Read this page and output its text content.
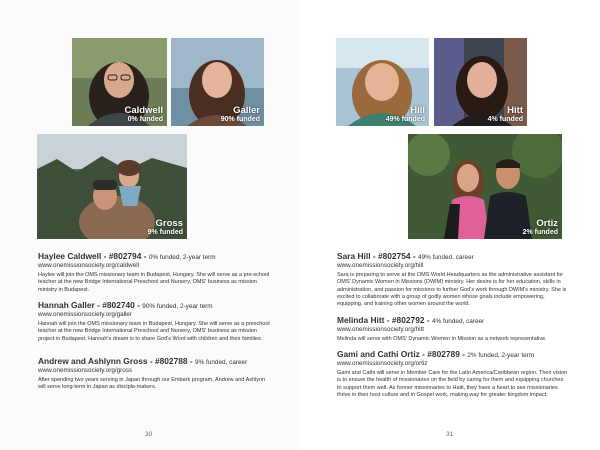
Caldwell
0% funded
Galler
90% funded
Gross
9% funded
Haylee Caldwell - #802794 - 0% funded, 2-year term
www.onemissionsociety.org/caldwell
Haylee will join the OMS missionary team in Budapest, Hungary. She will serve as a pre-school teacher at the new Bridge International Preschool and Nursery, OMS' business as mission ministry in Budapest.
Hannah Galler - #802740 - 90% funded, 2-year term
www.onemissionsociety.org/galler
Hannah will join the OMS missionary team in Budapest, Hungary. She will serve as a preschool teacher at the new Bridge International Preschool and Nursery, OMS' business as mission project in Budapest. Hannah's dream is to share God's Word with children and their families.
Andrew and Ashlynn Gross - #802788 - 9% funded, career
www.onemissionsociety.org/gross
After spending two years serving in Japan through our Embark program, Andrew and Ashlynn will serve long-term in Japan as disciple-makers.
30
Hill
49% funded
Hitt
4% funded
Ortiz
2% funded
Sara Hill - #802754 - 49% funded, career
www.onemissionsociety.org/hill
Sara is preparing to serve at the OMS World Headquarters as the administrative assistant for OMS' Dynamic Women in Missions (DWIM) ministry. Her desire is for her education, skills in administration, and passion for missions to further God's work through DWIM's ministry. She is excited to collaborate with a group of godly women whose goals include empowering, equipping, and training other women around the world.
Melinda Hitt - #802792 - 4% funded, career
www.onemissionsociety.org/hitt
Melinda will serve with OMS' Dynamic Women in Mission as a network representative.
Gami and Cathi Ortiz - #802789 - 2% funded, 2-year term
www.onemissionsociety.org/ortiz
Gami and Cathi will serve in Member Care for the Latin America/Caribbean region. Their vision is to ensure the health of missionaries on the field by caring for them and equipping churches to support them well. As former missionaries to Haiti, they have a heart to see missionaries thrive in their host culture and in Gospel work, making way for greater kingdom impact.
31
